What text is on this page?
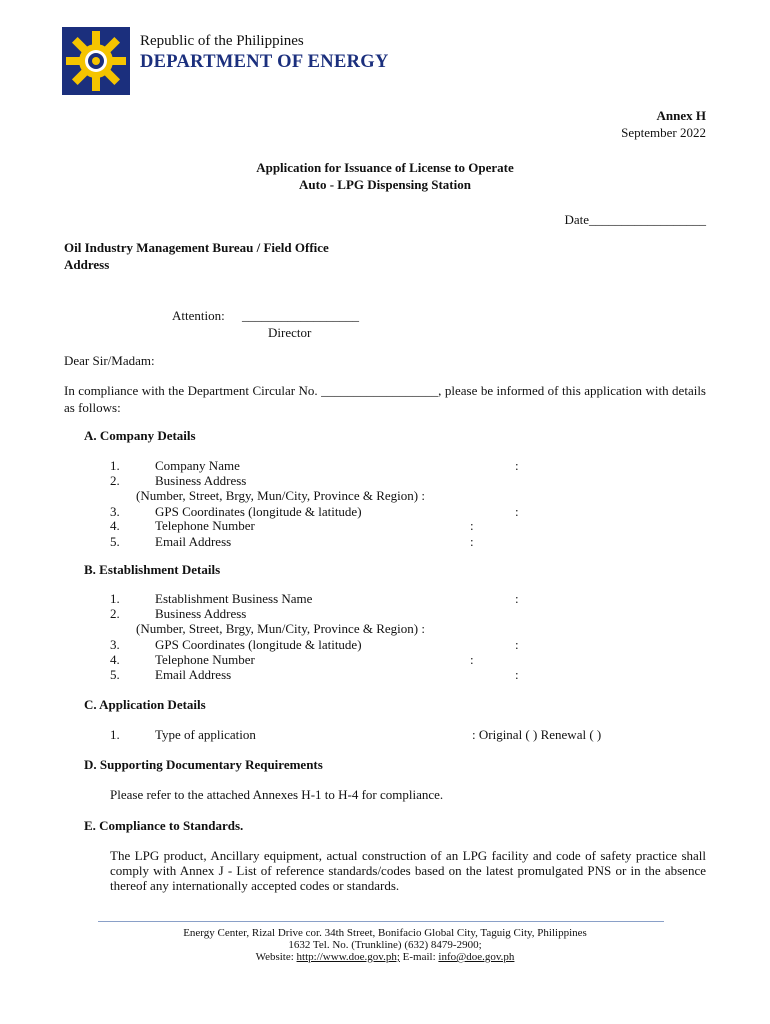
Republic of the Philippines
DEPARTMENT OF ENERGY
Annex H
September 2022
Application for Issuance of License to Operate
Auto - LPG Dispensing Station
Date__________________
Oil Industry Management Bureau / Field Office
Address
Attention: __________________
Director
Dear Sir/Madam:
In compliance with the Department Circular No. __________________, please be informed of this application with details as follows:
A. Company Details
1.	Company Name	:
2.	Business Address
(Number, Street, Brgy, Mun/City, Province & Region) :
3.	GPS Coordinates (longitude & latitude)	:
4.	Telephone Number	:
5.	Email Address	:
B. Establishment Details
1.	Establishment Business Name	:
2.	Business Address
(Number, Street, Brgy, Mun/City, Province & Region) :
3.	GPS Coordinates (longitude & latitude)	:
4.	Telephone Number	:
5.	Email Address	:
C. Application Details
1.	Type of application	: Original ( ) Renewal ( )
D. Supporting Documentary Requirements
Please refer to the attached Annexes H-1 to H-4 for compliance.
E. Compliance to Standards.
The LPG product, Ancillary equipment, actual construction of an LPG facility and code of safety practice shall comply with Annex J - List of reference standards/codes based on the latest promulgated PNS or in the absence thereof any internationally accepted codes or standards.
Energy Center, Rizal Drive cor. 34th Street, Bonifacio Global City, Taguig City, Philippines
1632 Tel. No. (Trunkline) (632) 8479-2900;
Website: http://www.doe.gov.ph; E-mail: info@doe.gov.ph
